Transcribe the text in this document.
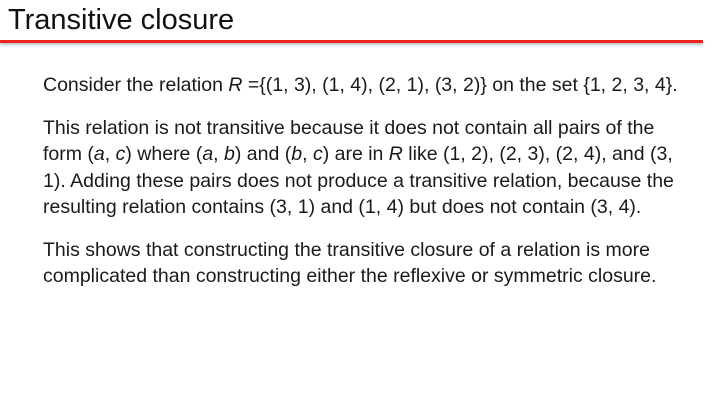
Transitive closure

Consider the relation R ={(1, 3), (1, 4), (2, 1), (3, 2)} on the set {1, 2, 3, 4}.

This relation is not transitive because it does not contain all pairs of the form (a, c) where (a, b) and (b, c) are in R like (1, 2), (2, 3), (2, 4), and (3, 1). Adding these pairs does not produce a transitive relation, because the resulting relation contains (3, 1) and (1, 4) but does not contain (3, 4).

This shows that constructing the transitive closure of a relation is more complicated than constructing either the reflexive or symmetric closure.
